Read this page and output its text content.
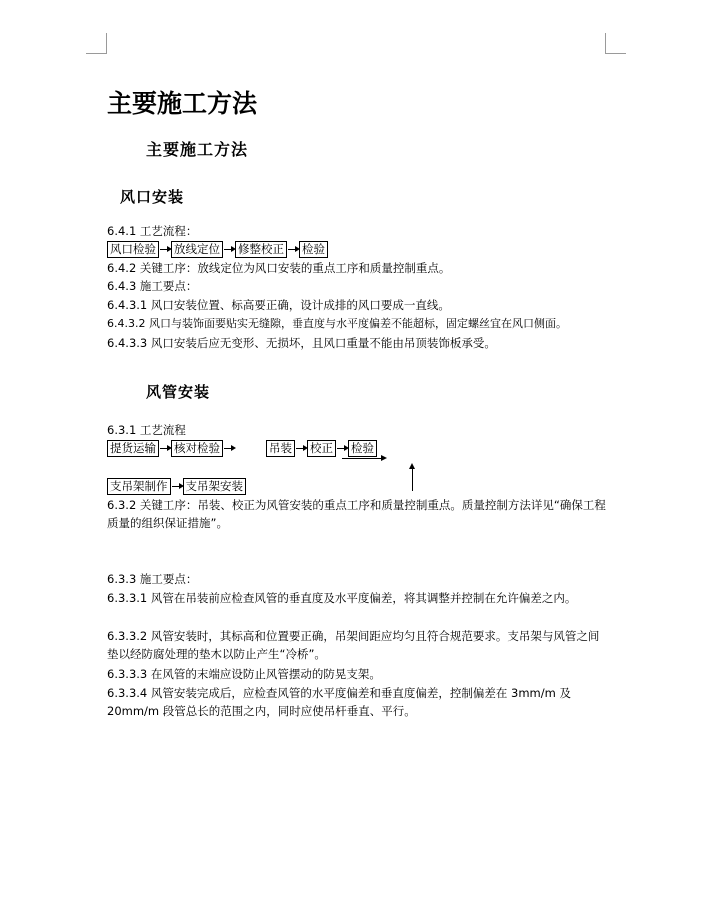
主要施工方法
主要施工方法
风口安装
6.4.1 工艺流程：
风口检验 放线定位 修整校正 检验
6.4.2 关键工序：放线定位为风口安装的重点工序和质量控制重点。
6.4.3 施工要点：
6.4.3.1 风口安装位置、标高要正确，设计成排的风口要成一直线。
6.4.3.2 风口与装饰面要贴实无缝隙，垂直度与水平度偏差不能超标，固定螺丝宜在风口侧面。
6.4.3.3 风口安装后应无变形、无损坏，且风口重量不能由吊顶装饰板承受。
风管安装
6.3.1 工艺流程
提货运输 核对检验	吊装 校正 检验
支吊架制作 支吊架安装
6.3.2 关键工序：吊装、校正为风管安装的重点工序和质量控制重点。质量控制方法详见“确保工程质量的组织保证措施”。
6.3.3 施工要点：
6.3.3.1 风管在吊装前应检查风管的垂直度及水平度偏差，将其调整并控制在允许偏差之内。
6.3.3.2 风管安装时，其标高和位置要正确，吊架间距应均匀且符合规范要求。支吊架与风管之间垫以经防腐处理的垫木以防止产生“冷桥”。
6.3.3.3 在风管的末端应设防止风管摆动的防晃支架。
6.3.3.4 风管安装完成后，应检查风管的水平度偏差和垂直度偏差，控制偏差在 3mm/m 及 20mm/m 段管总长的范围之内，同时应使吊杆垂直、平行。
